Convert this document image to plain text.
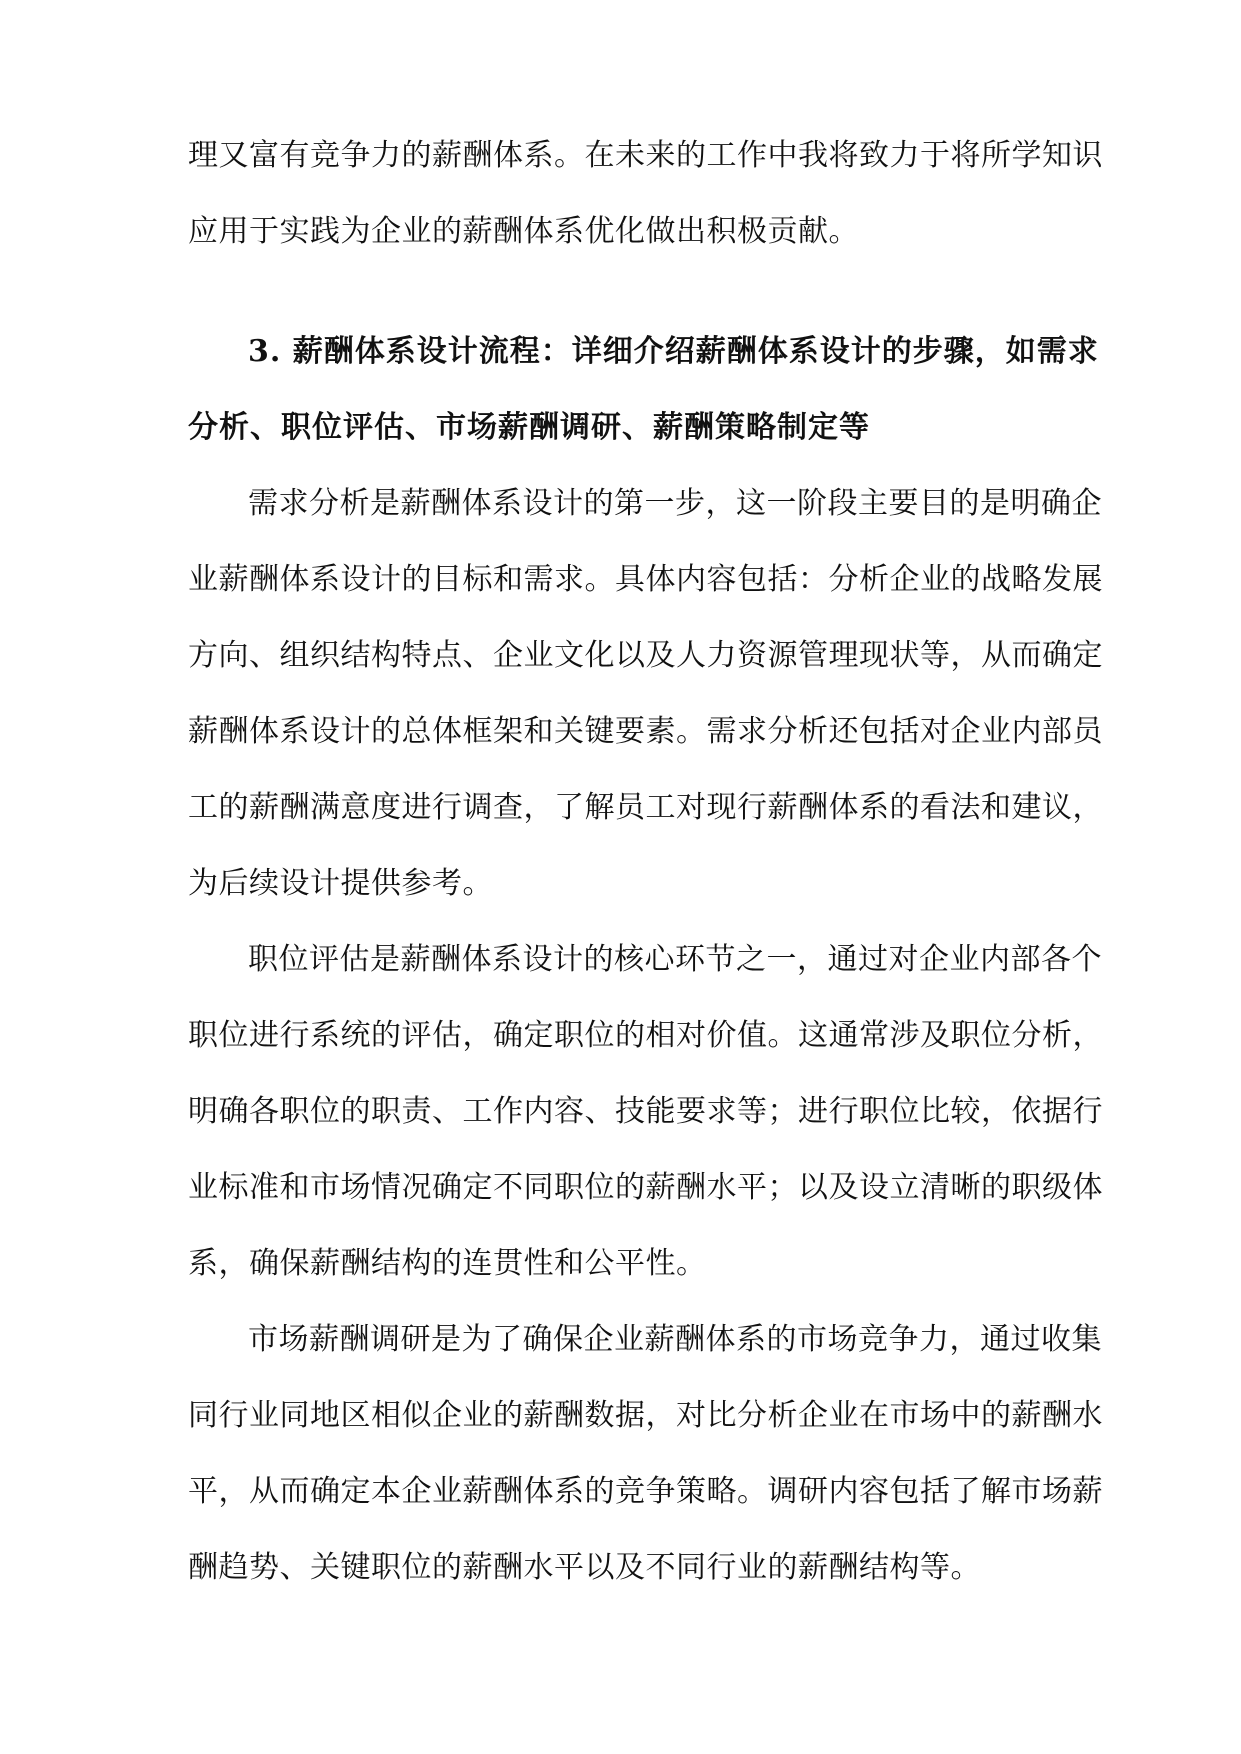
理又富有竞争力的薪酬体系。在未来的工作中我将致力于将所学知识
应用于实践为企业的薪酬体系优化做出积极贡献。
3. 薪酬体系设计流程：详细介绍薪酬体系设计的步骤，如需求
分析、职位评估、市场薪酬调研、薪酬策略制定等
需求分析是薪酬体系设计的第一步，这一阶段主要目的是明确企
业薪酬体系设计的目标和需求。具体内容包括：分析企业的战略发展
方向、组织结构特点、企业文化以及人力资源管理现状等，从而确定
薪酬体系设计的总体框架和关键要素。需求分析还包括对企业内部员
工的薪酬满意度进行调查，了解员工对现行薪酬体系的看法和建议，
为后续设计提供参考。
职位评估是薪酬体系设计的核心环节之一，通过对企业内部各个
职位进行系统的评估，确定职位的相对价值。这通常涉及职位分析，
明确各职位的职责、工作内容、技能要求等；进行职位比较，依据行
业标准和市场情况确定不同职位的薪酬水平；以及设立清晰的职级体
系，确保薪酬结构的连贯性和公平性。
市场薪酬调研是为了确保企业薪酬体系的市场竞争力，通过收集
同行业同地区相似企业的薪酬数据，对比分析企业在市场中的薪酬水
平，从而确定本企业薪酬体系的竞争策略。调研内容包括了解市场薪
酬趋势、关键职位的薪酬水平以及不同行业的薪酬结构等。
